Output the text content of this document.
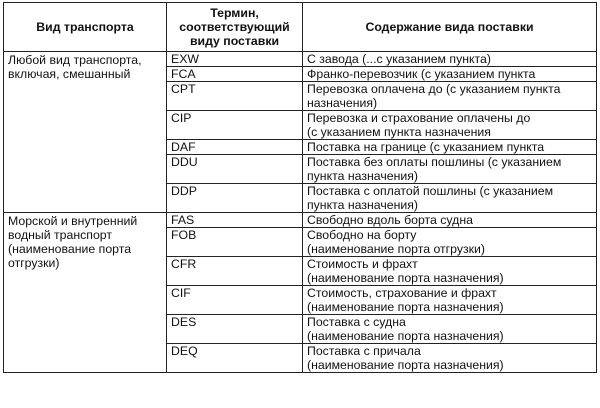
Вид транспорта	Термин,
соответствующий
виду поставки	Содержание вида поставки
Любой вид транспорта,
включая, смешанный	EXW	С завода (...с указанием пункта)
	FCA	Франко-перевозчик (с указанием пункта
	CPT	Перевозка оплачена до (с указанием пункта
назначения)
	CIP	Перевозка и страхование оплачены до
(с указанием пункта назначения
	DAF	Поставка на границе (с указанием пункта
	DDU	Поставка без оплаты пошлины (с указанием
пункта назначения)
	DDP	Поставка с оплатой пошлины (с указанием
пункта назначения)
Морской и внутренний
водный транспорт
(наименование порта
отгрузки)	FAS	Свободно вдоль борта судна
	FOB	Свободно на борту
(наименование порта отгрузки)
	CFR	Стоимость и фрахт
(наименование порта назначения)
	CIF	Стоимость, страхование и фрахт
(наименование порта назначения)
	DES	Поставка с судна
(наименование порта назначения)
	DEQ	Поставка с причала
(наименование порта назначения)
